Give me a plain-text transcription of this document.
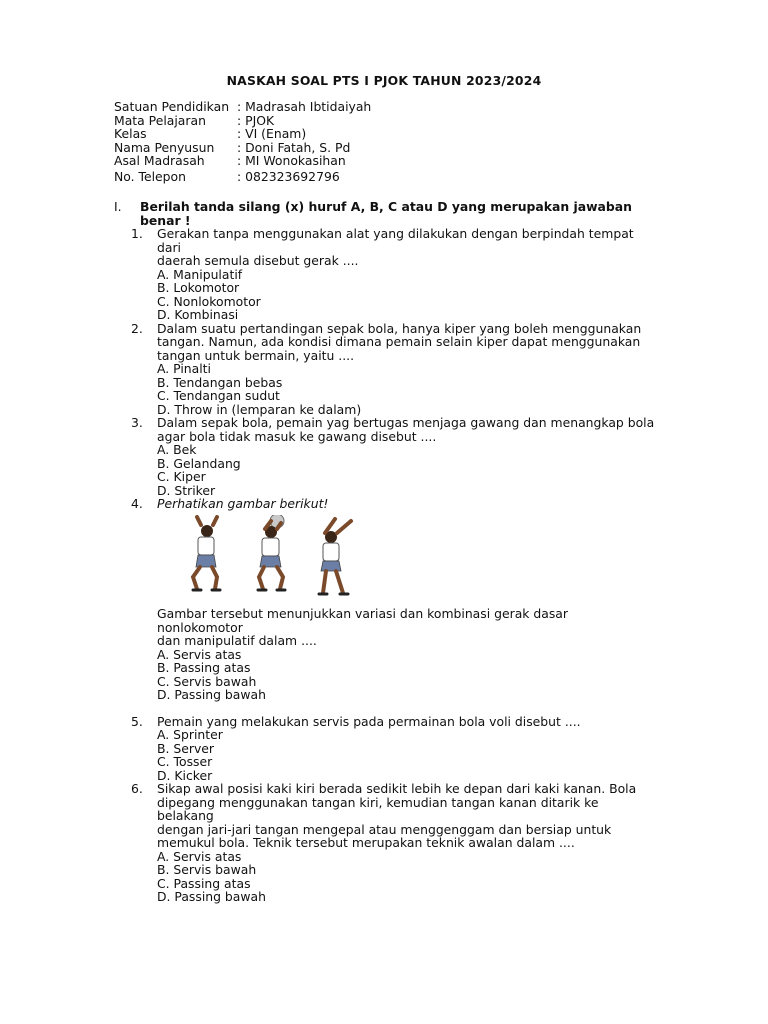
NASKAH SOAL PTS I PJOK TAHUN 2023/2024
Satuan Pendidikan : Madrasah Ibtidaiyah
Mata Pelajaran	: PJOK
Kelas	: VI (Enam)
Nama Penyusun	: Doni Fatah, S. Pd
Asal Madrasah	: MI Wonokasihan
No. Telepon	: 082323692796
I.	Berilah tanda silang (x) huruf A, B, C atau D yang merupakan jawaban benar !
1.	Gerakan tanpa menggunakan alat yang dilakukan dengan berpindah tempat dari
daerah semula disebut gerak ....
A. Manipulatif
B. Lokomotor
C. Nonlokomotor
D. Kombinasi
2.	Dalam suatu pertandingan sepak bola, hanya kiper yang boleh menggunakan
tangan. Namun, ada kondisi dimana pemain selain kiper dapat menggunakan
tangan untuk bermain, yaitu ....
A. Pinalti
B. Tendangan bebas
C. Tendangan sudut
D. Throw in (lemparan ke dalam)
3.	Dalam sepak bola, pemain yag bertugas menjaga gawang dan menangkap bola
agar bola tidak masuk ke gawang disebut ....
A. Bek
B. Gelandang
C. Kiper
D. Striker
4.	Perhatikan gambar berikut!
Gambar tersebut menunjukkan variasi dan kombinasi gerak dasar nonlokomotor
dan manipulatif dalam ....
A. Servis atas
B. Passing atas
C. Servis bawah
D. Passing bawah
5.	Pemain yang melakukan servis pada permainan bola voli disebut ....
A. Sprinter
B. Server
C. Tosser
D. Kicker
6.	Sikap awal posisi kaki kiri berada sedikit lebih ke depan dari kaki kanan. Bola
dipegang menggunakan tangan kiri, kemudian tangan kanan ditarik ke belakang
dengan jari-jari tangan mengepal atau menggenggam dan bersiap untuk
memukul bola. Teknik tersebut merupakan teknik awalan dalam ....
A. Servis atas
B. Servis bawah
C. Passing atas
D. Passing bawah
